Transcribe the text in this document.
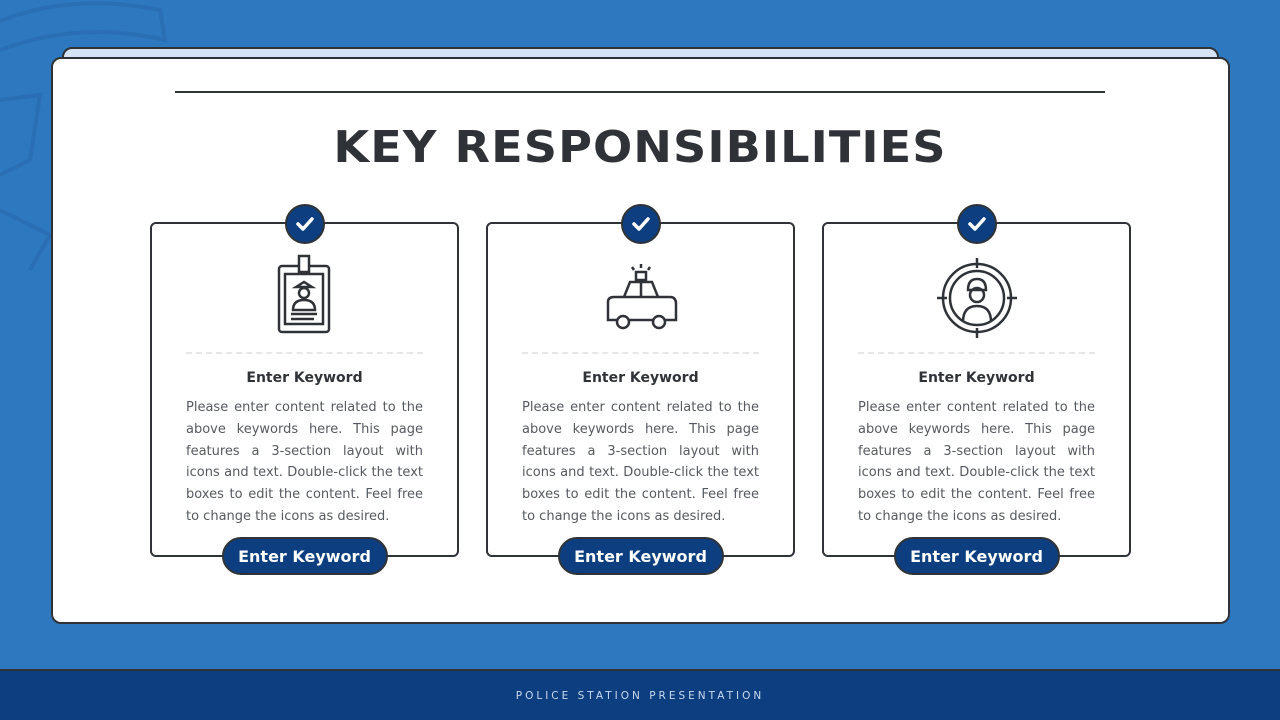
KEY RESPONSIBILITIES
Enter Keyword
Please enter content related to the above keywords here. This page features a 3-section layout with icons and text. Double-click the text boxes to edit the content. Feel free to change the icons as desired.
Enter Keyword
Enter Keyword
Please enter content related to the above keywords here. This page features a 3-section layout with icons and text. Double-click the text boxes to edit the content. Feel free to change the icons as desired.
Enter Keyword
Enter Keyword
Please enter content related to the above keywords here. This page features a 3-section layout with icons and text. Double-click the text boxes to edit the content. Feel free to change the icons as desired.
Enter Keyword
POLICE STATION PRESENTATION
